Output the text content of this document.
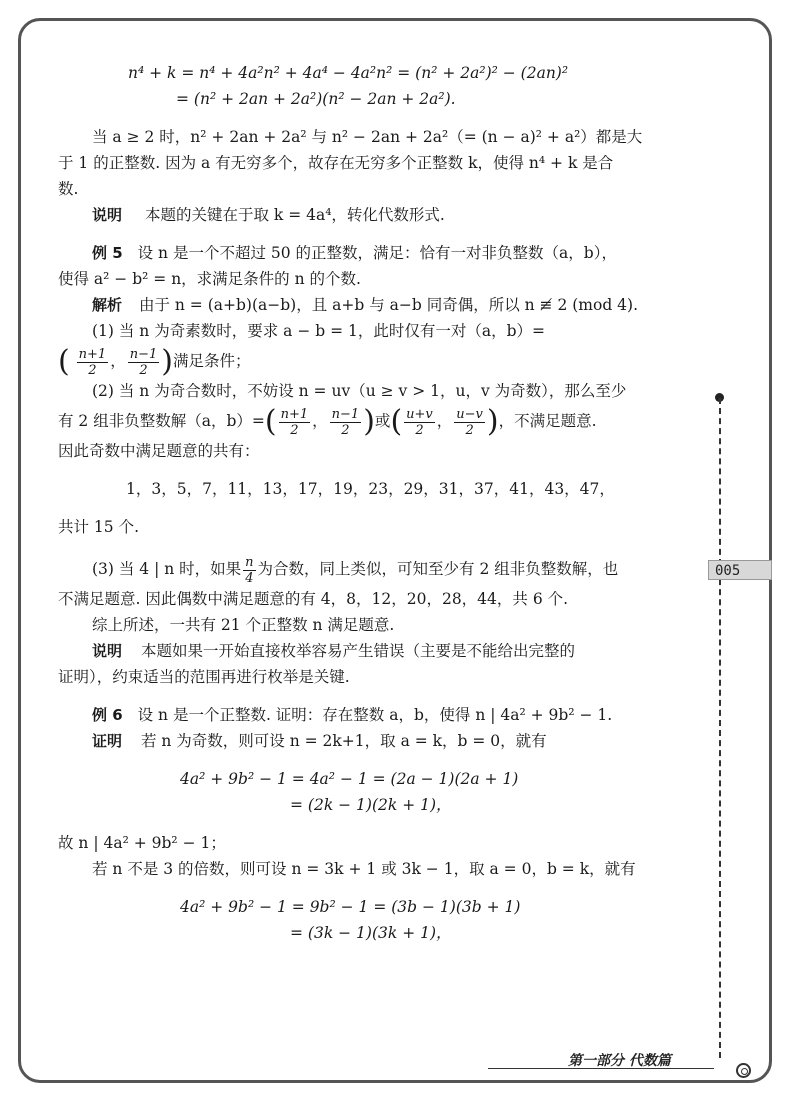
n⁴ + k = n⁴ + 4a²n² + 4a⁴ − 4a²n² = (n² + 2a²)² − (2an)²
= (n² + 2an + 2a²)(n² − 2an + 2a²).
当 a ≥ 2 时，n² + 2an + 2a² 与 n² − 2an + 2a²（= (n − a)² + a²）都是大
于 1 的正整数. 因为 a 有无穷多个，故存在无穷多个正整数 k，使得 n⁴ + k 是合
数.
说明 本题的关键在于取 k = 4a⁴，转化代数形式.
例 5 设 n 是一个不超过 50 的正整数，满足：恰有一对非负整数（a，b），
使得 a² − b² = n，求满足条件的 n 的个数.
解析 由于 n = (a+b)(a−b)，且 a+b 与 a−b 同奇偶，所以 n ≢ 2 (mod 4).
(1) 当 n 为奇素数时，要求 a − b = 1，此时仅有一对（a，b）=
( $\frac{n+1}{2}$ ， $\frac{n-1}{2}$ )满足条件；
(2) 当 n 为奇合数时，不妨设 n = uv（u ≥ v > 1，u，v 为奇数），那么至少
有 2 组非负整数解（a，$b)=( \frac{n+1}{2}$ ， $\frac{n-1}{2}$ )或( $\frac{u+v}{2}$ ， $\frac{u-v}{2}$ )，不满足题意.
因此奇数中满足题意的共有：
1，3，5，7，11，13，17，19，23，29，31，37，41，43，47，
共计 15 个.
(3) 当 4 | n 时，如果 $\frac{n}{4}$ 为合数，同上类似，可知至少有 2 组非负整数解，也
不满足题意. 因此偶数中满足题意的有 4，8，12，20，28，44，共 6 个.
综上所述，一共有 21 个正整数 n 满足题意.
说明 本题如果一开始直接枚举容易产生错误（主要是不能给出完整的
证明），约束适当的范围再进行枚举是关键.
例 6 设 n 是一个正整数. 证明：存在整数 a，b，使得 n | 4a² + 9b² − 1.
证明 若 n 为奇数，则可设 n = 2k+1，取 a = k，b = 0，就有
4a² + 9b² − 1 = 4a² − 1 = (2a − 1)(2a + 1)
= (2k − 1)(2k + 1)，
故 n | 4a² + 9b² − 1；
若 n 不是 3 的倍数，则可设 n = 3k + 1 或 3k − 1，取 a = 0，b = k，就有
4a² + 9b² − 1 = 9b² − 1 = (3b − 1)(3b + 1)
= (3k − 1)(3k + 1)，
005
第一部分 代数篇
